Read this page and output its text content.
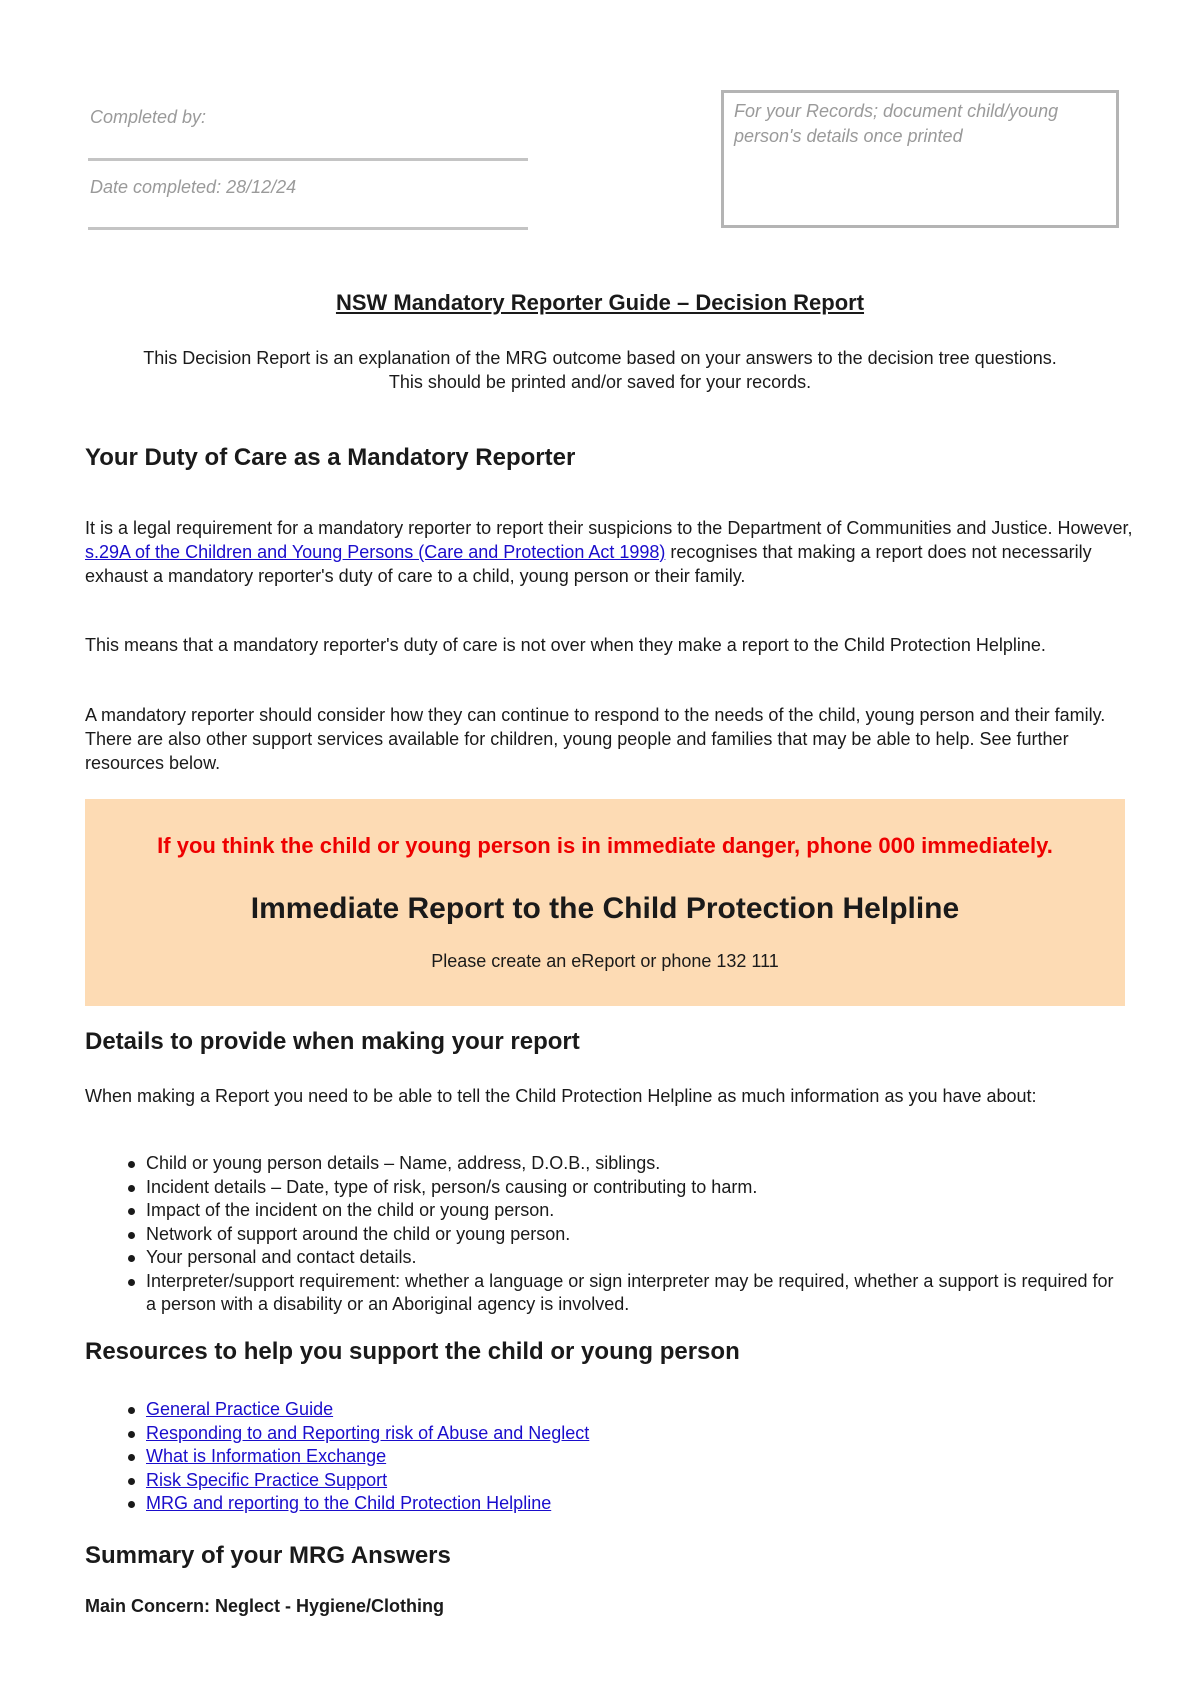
Completed by:
Date completed: 28/12/24
For your Records; document child/young person's details once printed
NSW Mandatory Reporter Guide – Decision Report
This Decision Report is an explanation of the MRG outcome based on your answers to the decision tree questions.
This should be printed and/or saved for your records.
Your Duty of Care as a Mandatory Reporter
It is a legal requirement for a mandatory reporter to report their suspicions to the Department of Communities and Justice. However, s.29A of the Children and Young Persons (Care and Protection Act 1998) recognises that making a report does not necessarily exhaust a mandatory reporter's duty of care to a child, young person or their family.
This means that a mandatory reporter's duty of care is not over when they make a report to the Child Protection Helpline.
A mandatory reporter should consider how they can continue to respond to the needs of the child, young person and their family. There are also other support services available for children, young people and families that may be able to help. See further resources below.
If you think the child or young person is in immediate danger, phone 000 immediately.
Immediate Report to the Child Protection Helpline
Please create an eReport or phone 132 111
Details to provide when making your report
When making a Report you need to be able to tell the Child Protection Helpline as much information as you have about:
Child or young person details – Name, address, D.O.B., siblings.
Incident details – Date, type of risk, person/s causing or contributing to harm.
Impact of the incident on the child or young person.
Network of support around the child or young person.
Your personal and contact details.
Interpreter/support requirement: whether a language or sign interpreter may be required, whether a support is required for a person with a disability or an Aboriginal agency is involved.
Resources to help you support the child or young person
General Practice Guide
Responding to and Reporting risk of Abuse and Neglect
What is Information Exchange
Risk Specific Practice Support
MRG and reporting to the Child Protection Helpline
Summary of your MRG Answers
Main Concern: Neglect - Hygiene/Clothing
